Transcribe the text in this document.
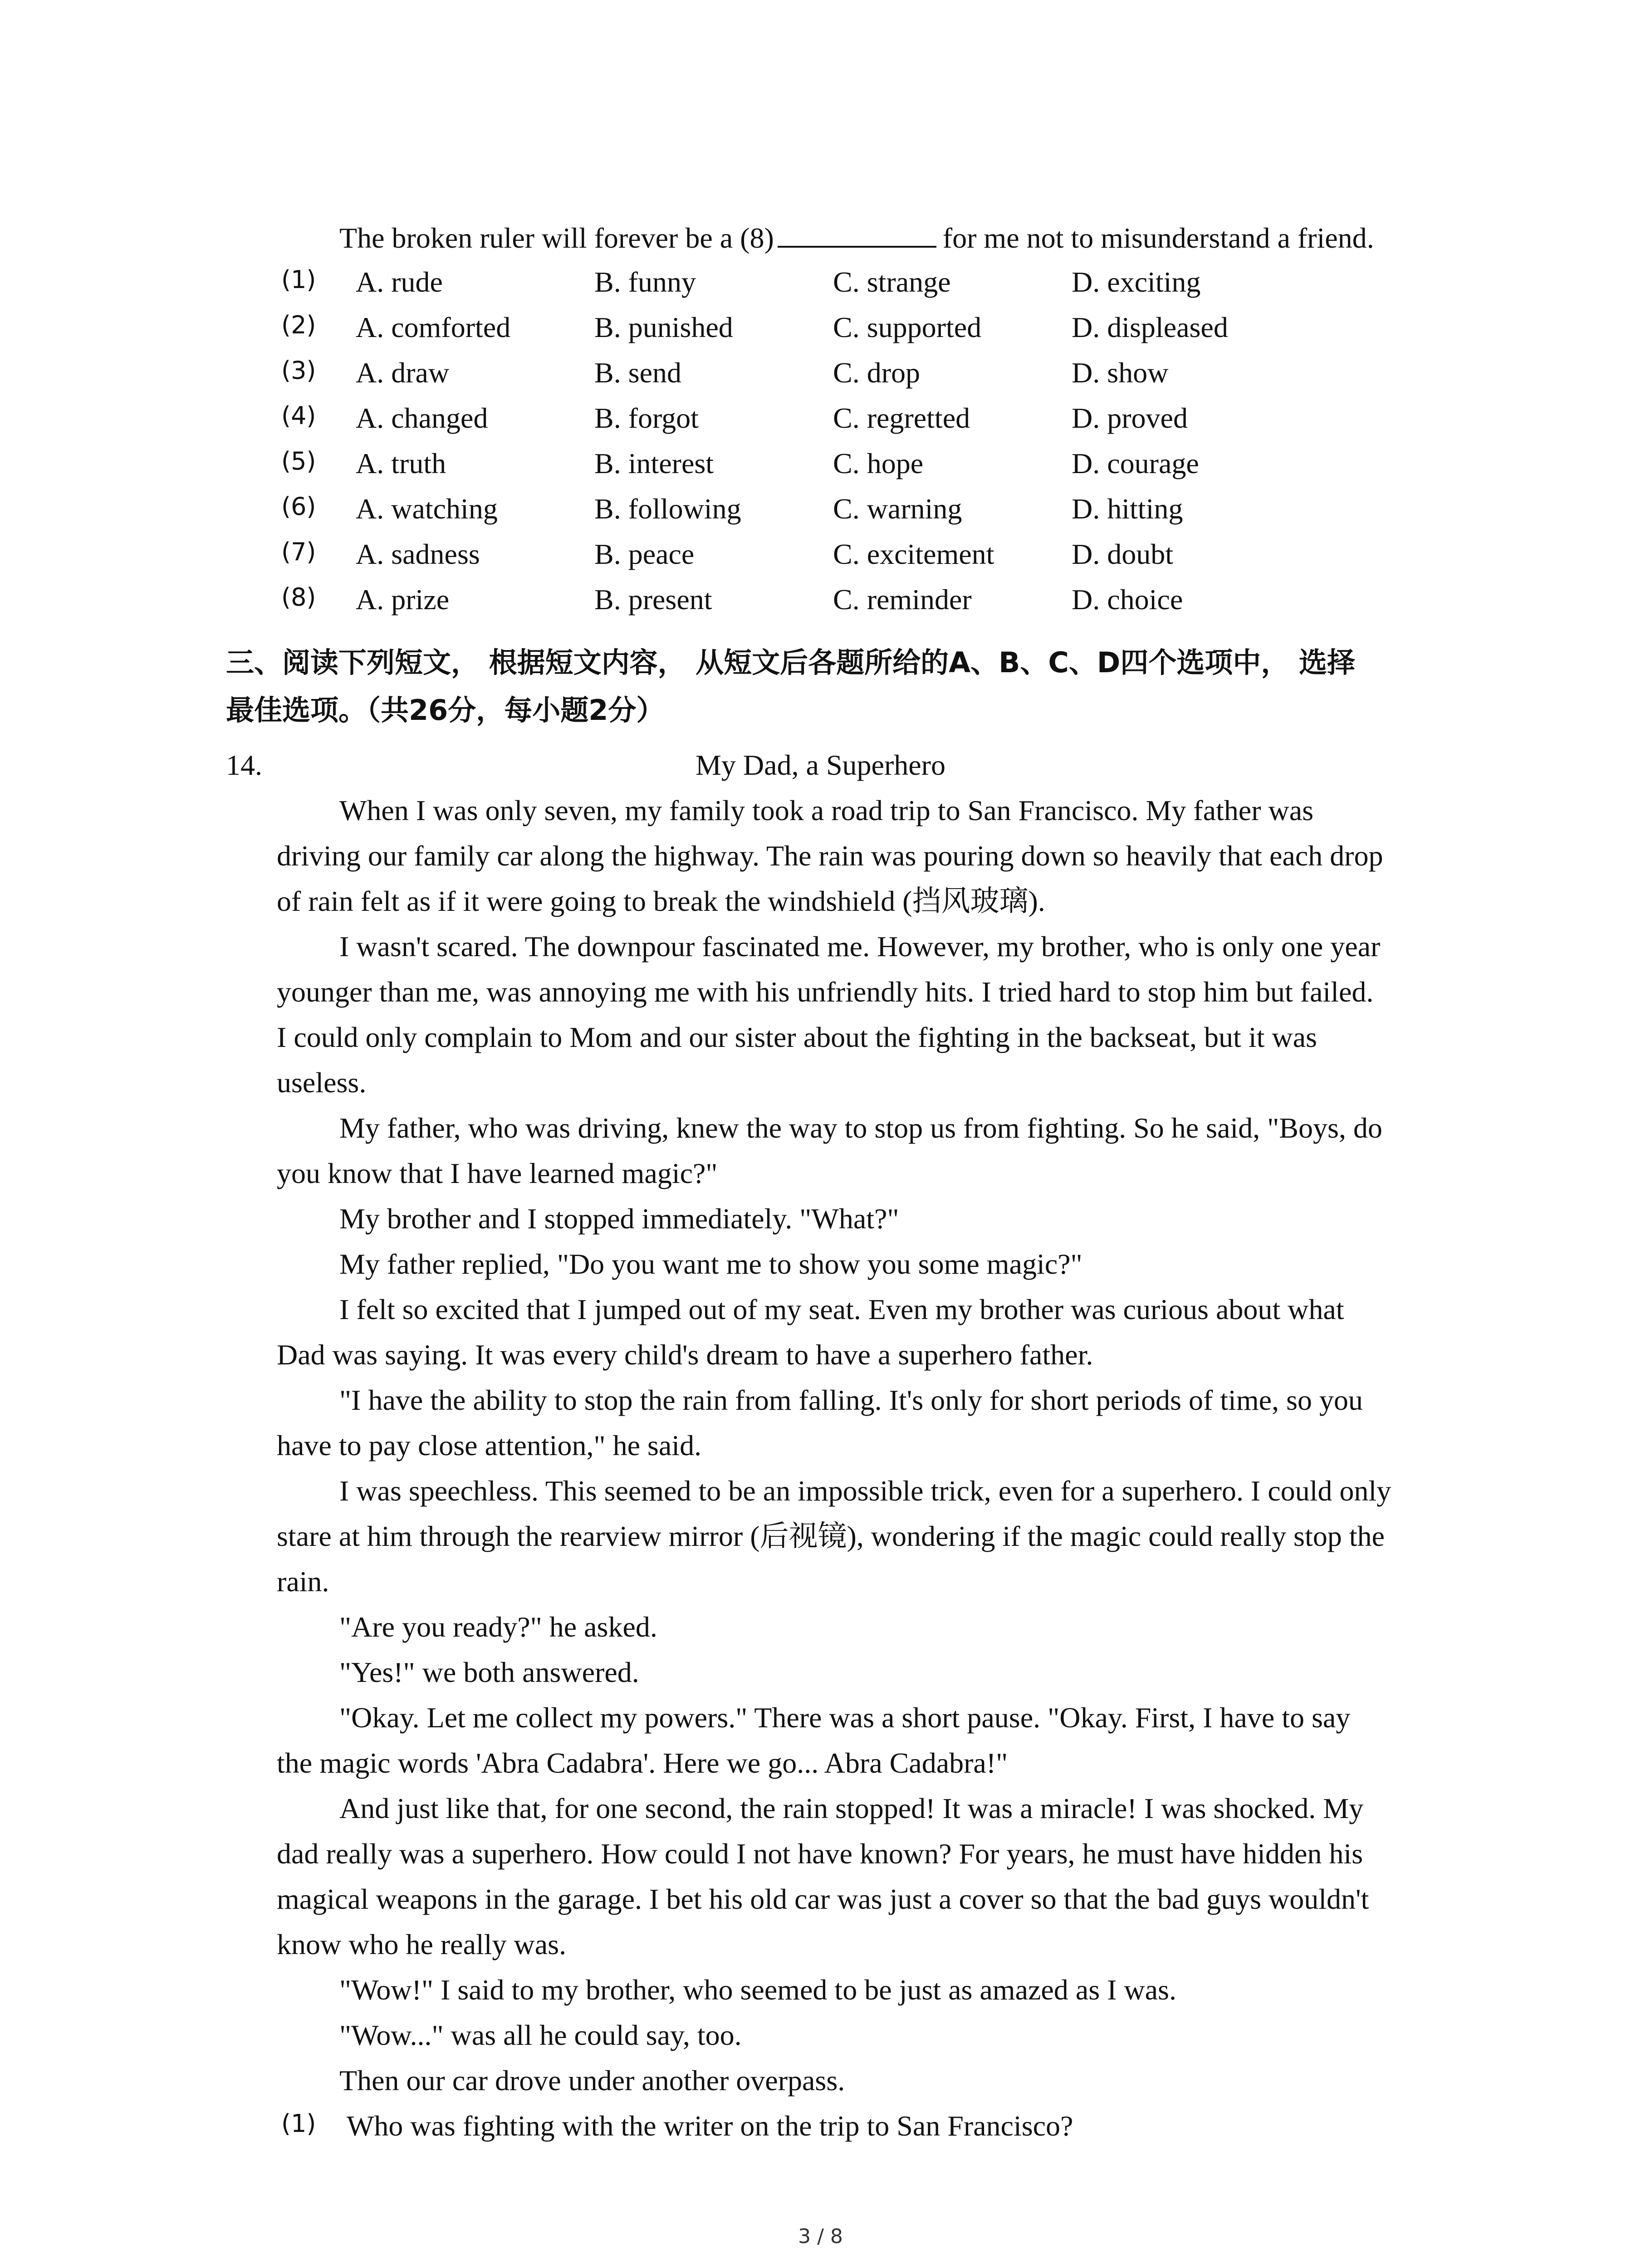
The broken ruler will forever be a (8)	for me not to misunderstand a friend.
(1) A. rude	B. funny	C. strange	D. exciting
(2) A. comforted	B. punished	C. supported	D. displeased
(3) A. draw	B. send	C. drop	D. show
(4) A. changed	B. forgot	C. regretted	D. proved
(5) A. truth	B. interest	C. hope	D. courage
(6) A. watching	B. following	C. warning	D. hitting
(7) A. sadness	B. peace	C. excitement	D. doubt
(8) A. prize	B. present	C. reminder	D. choice
三、阅读下列短文， 根据短文内容， 从短文后各题所给的A、B、C、D四个选项中， 选择
最佳选项。（共26分，每小题2分）
14.	My Dad, a Superhero
When I was only seven, my family took a road trip to San Francisco. My father was
driving our family car along the highway. The rain was pouring down so heavily that each drop
of rain felt as if it were going to break the windshield (挡风玻璃).
I wasn't scared. The downpour fascinated me. However, my brother, who is only one year
younger than me, was annoying me with his unfriendly hits. I tried hard to stop him but failed.
I could only complain to Mom and our sister about the fighting in the backseat, but it was
useless.
My father, who was driving, knew the way to stop us from fighting. So he said, "Boys, do
you know that I have learned magic?"
My brother and I stopped immediately. "What?"
My father replied, "Do you want me to show you some magic?"
I felt so excited that I jumped out of my seat. Even my brother was curious about what
Dad was saying. It was every child's dream to have a superhero father.
"I have the ability to stop the rain from falling. It's only for short periods of time, so you
have to pay close attention," he said.
I was speechless. This seemed to be an impossible trick, even for a superhero. I could only
stare at him through the rearview mirror (后视镜), wondering if the magic could really stop the
rain.
"Are you ready?" he asked.
"Yes!" we both answered.
"Okay. Let me collect my powers." There was a short pause. "Okay. First, I have to say
the magic words 'Abra Cadabra'. Here we go... Abra Cadabra!"
And just like that, for one second, the rain stopped! It was a miracle! I was shocked. My
dad really was a superhero. How could I not have known? For years, he must have hidden his
magical weapons in the garage. I bet his old car was just a cover so that the bad guys wouldn't
know who he really was.
"Wow!" I said to my brother, who seemed to be just as amazed as I was.
"Wow..." was all he could say, too.
Then our car drove under another overpass.
(1) Who was fighting with the writer on the trip to San Francisco?
3 / 8
